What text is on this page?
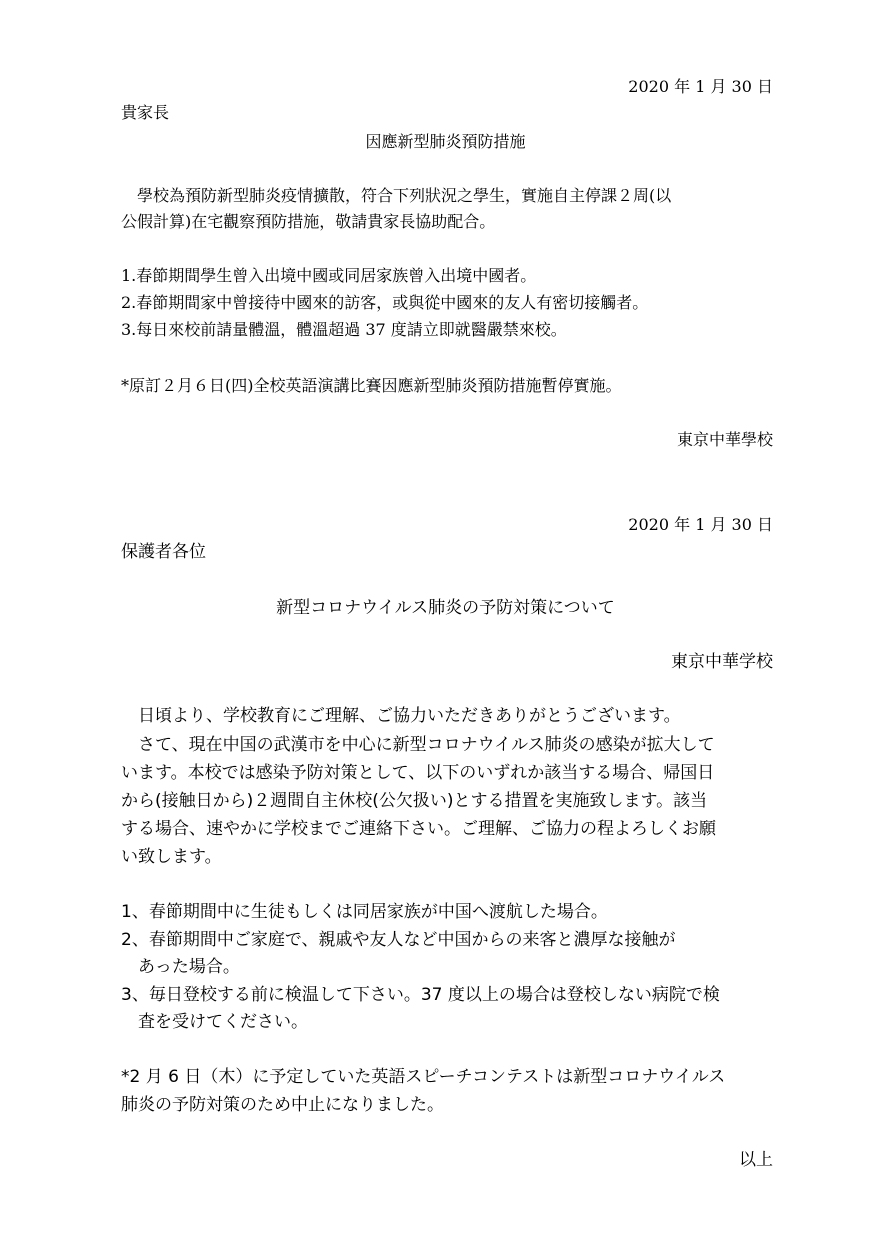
2020 年 1 月 30 日
貴家長
因應新型肺炎預防措施
　學校為預防新型肺炎疫情擴散，符合下列狀況之學生，實施自主停課２周(以
公假計算)在宅觀察預防措施，敬請貴家長協助配合。
1.春節期間學生曾入出境中國或同居家族曾入出境中國者。
2.春節期間家中曾接待中國來的訪客，或與從中國來的友人有密切接觸者。
3.每日來校前請量體溫，體溫超過 37 度請立即就醫嚴禁來校。
*原訂２月６日(四)全校英語演講比賽因應新型肺炎預防措施暫停實施。
東京中華學校
2020 年 1 月 30 日
保護者各位
新型コロナウイルス肺炎の予防対策について
東京中華学校
　日頃より、学校教育にご理解、ご協力いただきありがとうございます。
　さて、現在中国の武漢市を中心に新型コロナウイルス肺炎の感染が拡大して
います。本校では感染予防対策として、以下のいずれか該当する場合、帰国日
から(接触日から)２週間自主休校(公欠扱い)とする措置を実施致します。該当
する場合、速やかに学校までご連絡下さい。ご理解、ご協力の程よろしくお願
い致します。
1、春節期間中に生徒もしくは同居家族が中国へ渡航した場合。
2、春節期間中ご家庭で、親戚や友人など中国からの来客と濃厚な接触が
　あった場合。
3、毎日登校する前に検温して下さい。37 度以上の場合は登校しない病院で検
　査を受けてください。
*2 月 6 日（木）に予定していた英語スピーチコンテストは新型コロナウイルス
肺炎の予防対策のため中止になりました。
以上
